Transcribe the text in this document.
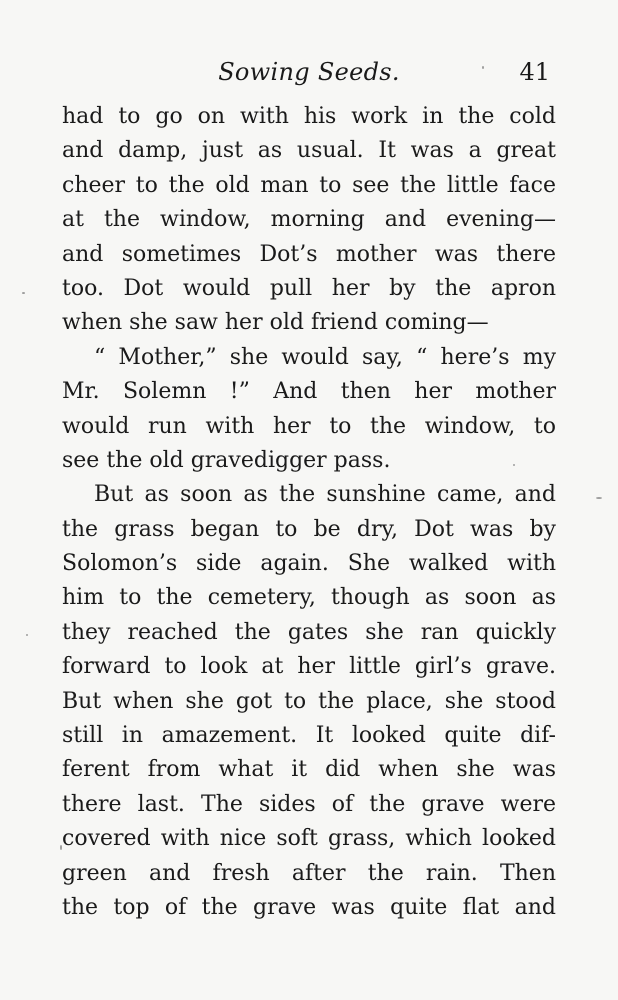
Sowing Seeds.	41
had to go on with his work in the cold
and damp, just as usual. It was a great
cheer to the old man to see the little face
at the window, morning and evening—
and sometimes Dot’s mother was there
too. Dot would pull her by the apron
when she saw her old friend coming—
“ Mother,” she would say, “ here’s my
Mr. Solemn !” And then her mother
would run with her to the window, to
see the old gravedigger pass.
But as soon as the sunshine came, and
the grass began to be dry, Dot was by
Solomon’s side again. She walked with
him to the cemetery, though as soon as
they reached the gates she ran quickly
forward to look at her little girl’s grave.
But when she got to the place, she stood
still in amazement. It looked quite dif-
ferent from what it did when she was
there last. The sides of the grave were
covered with nice soft grass, which looked
green and fresh after the rain. Then
the top of the grave was quite flat and
